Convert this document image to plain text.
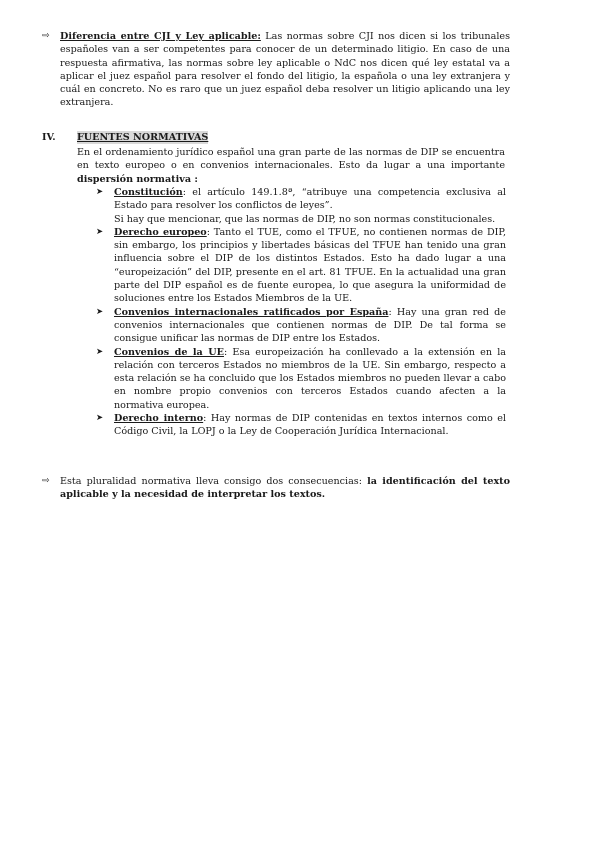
⇨ Diferencia entre CJI y Ley aplicable: Las normas sobre CJI nos dicen si los tribunales españoles van a ser competentes para conocer de un determinado litigio. En caso de una respuesta afirmativa, las normas sobre ley aplicable o NdC nos dicen qué ley estatal va a aplicar el juez español para resolver el fondo del litigio, la española o una ley extranjera y cuál en concreto. No es raro que un juez español deba resolver un litigio aplicando una ley extranjera.
IV. FUENTES NORMATIVAS
En el ordenamiento jurídico español una gran parte de las normas de DIP se encuentra en texto europeo o en convenios internacionales. Esto da lugar a una importante dispersión normativa :
➤ Constitución: el artículo 149.1.8ª, “atribuye una competencia exclusiva al Estado para resolver los conflictos de leyes”.
Si hay que mencionar, que las normas de DIP, no son normas constitucionales.
➤ Derecho europeo: Tanto el TUE, como el TFUE, no contienen normas de DIP, sin embargo, los principios y libertades básicas del TFUE han tenido una gran influencia sobre el DIP de los distintos Estados. Esto ha dado lugar a una “europeización” del DIP, presente en el art. 81 TFUE. En la actualidad una gran parte del DIP español es de fuente europea, lo que asegura la uniformidad de soluciones entre los Estados Miembros de la UE.
➤ Convenios internacionales ratificados por España: Hay una gran red de convenios internacionales que contienen normas de DIP. De tal forma se consigue unificar las normas de DIP entre los Estados.
➤ Convenios de la UE: Esa europeización ha conllevado a la extensión en la relación con terceros Estados no miembros de la UE. Sin embargo, respecto a esta relación se ha concluido que los Estados miembros no pueden llevar a cabo en nombre propio convenios con terceros Estados cuando afecten a la normativa europea.
➤ Derecho interno: Hay normas de DIP contenidas en textos internos como el Código Civil, la LOPJ o la Ley de Cooperación Jurídica Internacional.
⇨ Esta pluralidad normativa lleva consigo dos consecuencias: la identificación del texto aplicable y la necesidad de interpretar los textos.
